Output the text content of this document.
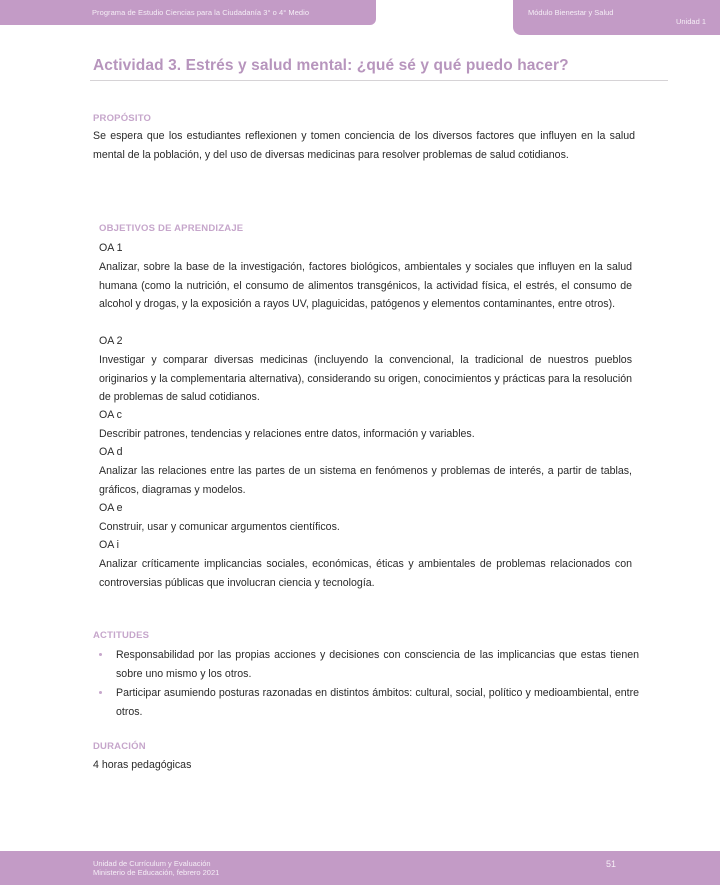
Programa de Estudio Ciencias para la Ciudadanía 3° o 4° Medio	Módulo Bienestar y Salud
Unidad 1
Actividad 3. Estrés y salud mental: ¿qué sé y qué puedo hacer?
PROPÓSITO

Se espera que los estudiantes reflexionen y tomen conciencia de los diversos factores que influyen en la salud mental de la población, y del uso de diversas medicinas para resolver problemas de salud cotidianos.

OBJETIVOS DE APRENDIZAJE
OA 1

Analizar, sobre la base de la investigación, factores biológicos, ambientales y sociales que influyen en la salud humana (como la nutrición, el consumo de alimentos transgénicos, la actividad física, el estrés, el consumo de alcohol y drogas, y la exposición a rayos UV, plaguicidas, patógenos y elementos contaminantes, entre otros).

OA 2

Investigar y comparar diversas medicinas (incluyendo la convencional, la tradicional de nuestros pueblos originarios y la complementaria alternativa), considerando su origen, conocimientos y prácticas para la resolución de problemas de salud cotidianos.

OA c

Describir patrones, tendencias y relaciones entre datos, información y variables.

OA d

Analizar las relaciones entre las partes de un sistema en fenómenos y problemas de interés, a partir de tablas, gráficos, diagramas y modelos.

OA e

Construir, usar y comunicar argumentos científicos.

OA i

Analizar críticamente implicancias sociales, económicas, éticas y ambientales de problemas relacionados con controversias públicas que involucran ciencia y tecnología.

ACTITUDES

Responsabilidad por las propias acciones y decisiones con consciencia de las implicancias que estas tienen sobre uno mismo y los otros.

Participar asumiendo posturas razonadas en distintos ámbitos: cultural, social, político y medioambiental, entre otros.

DURACIÓN

4 horas pedagógicas

Unidad de Currículum y Evaluación
Ministerio de Educación, febrero 2021
51
